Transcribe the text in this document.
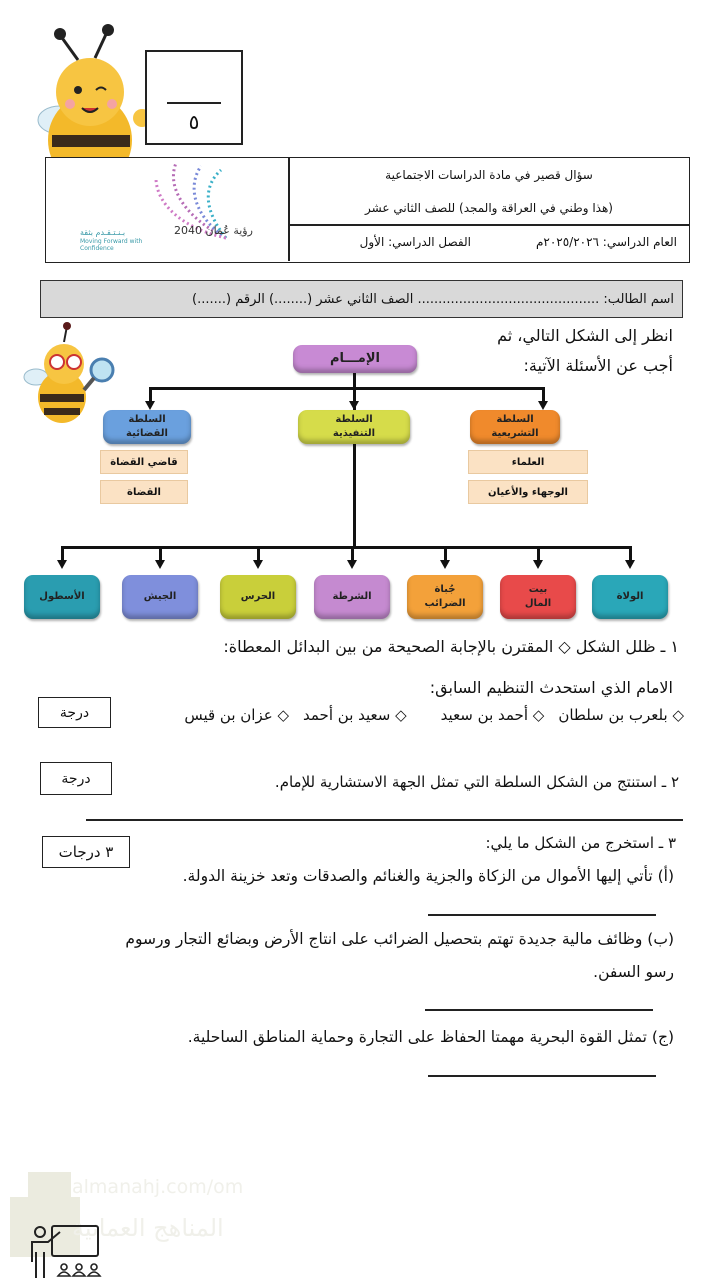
٥
رؤية عُمان 2040
بـنـتـقـدم بثقة
Moving Forward with Confidence
سؤال قصير في مادة الدراسات الاجتماعية
(هذا وطني في العراقة والمجد) للصف الثاني عشر
العام الدراسي: ٢٠٢٥/٢٠٢٦م
الفصل الدراسي: الأول
اسم الطالب: ............................................ الصف الثاني عشر (........) الرقم (.......)
انظر إلى الشكل التالي، ثم
أجب عن الأسئلة الآتية:
الإمـــام
السلطة التشريعية
السلطة التنفيذية
السلطة القضائية
العلماء
الوجهاء والأعيان
قاضي القضاة
القضاة
الولاة
بيت المال
جُباة الضرائب
الشرطة
الحرس
الجيش
الأسطول
١ ـ ظلل الشكل ◇ المقترن بالإجابة الصحيحة من بين البدائل المعطاة:
الامام الذي استحدث التنظيم السابق:
◇ بلعرب بن سلطان
◇ أحمد بن سعيد
◇ سعيد بن أحمد
◇ عزان بن قيس
درجة
٢ ـ استنتج من الشكل السلطة التي تمثل الجهة الاستشارية للإمام.
درجة
٣ ـ استخرج من الشكل ما يلي:
٣ درجات
(أ) تأتي إليها الأموال من الزكاة والجزية والغنائم والصدقات وتعد خزينة الدولة.
(ب) وظائف مالية جديدة تهتم بتحصيل الضرائب على انتاج الأرض وبضائع التجار ورسوم
رسو السفن.
(ج) تمثل القوة البحرية مهمتا الحفاظ على التجارة وحماية المناطق الساحلية.
almanahj.com/om
المناهج العمانية
